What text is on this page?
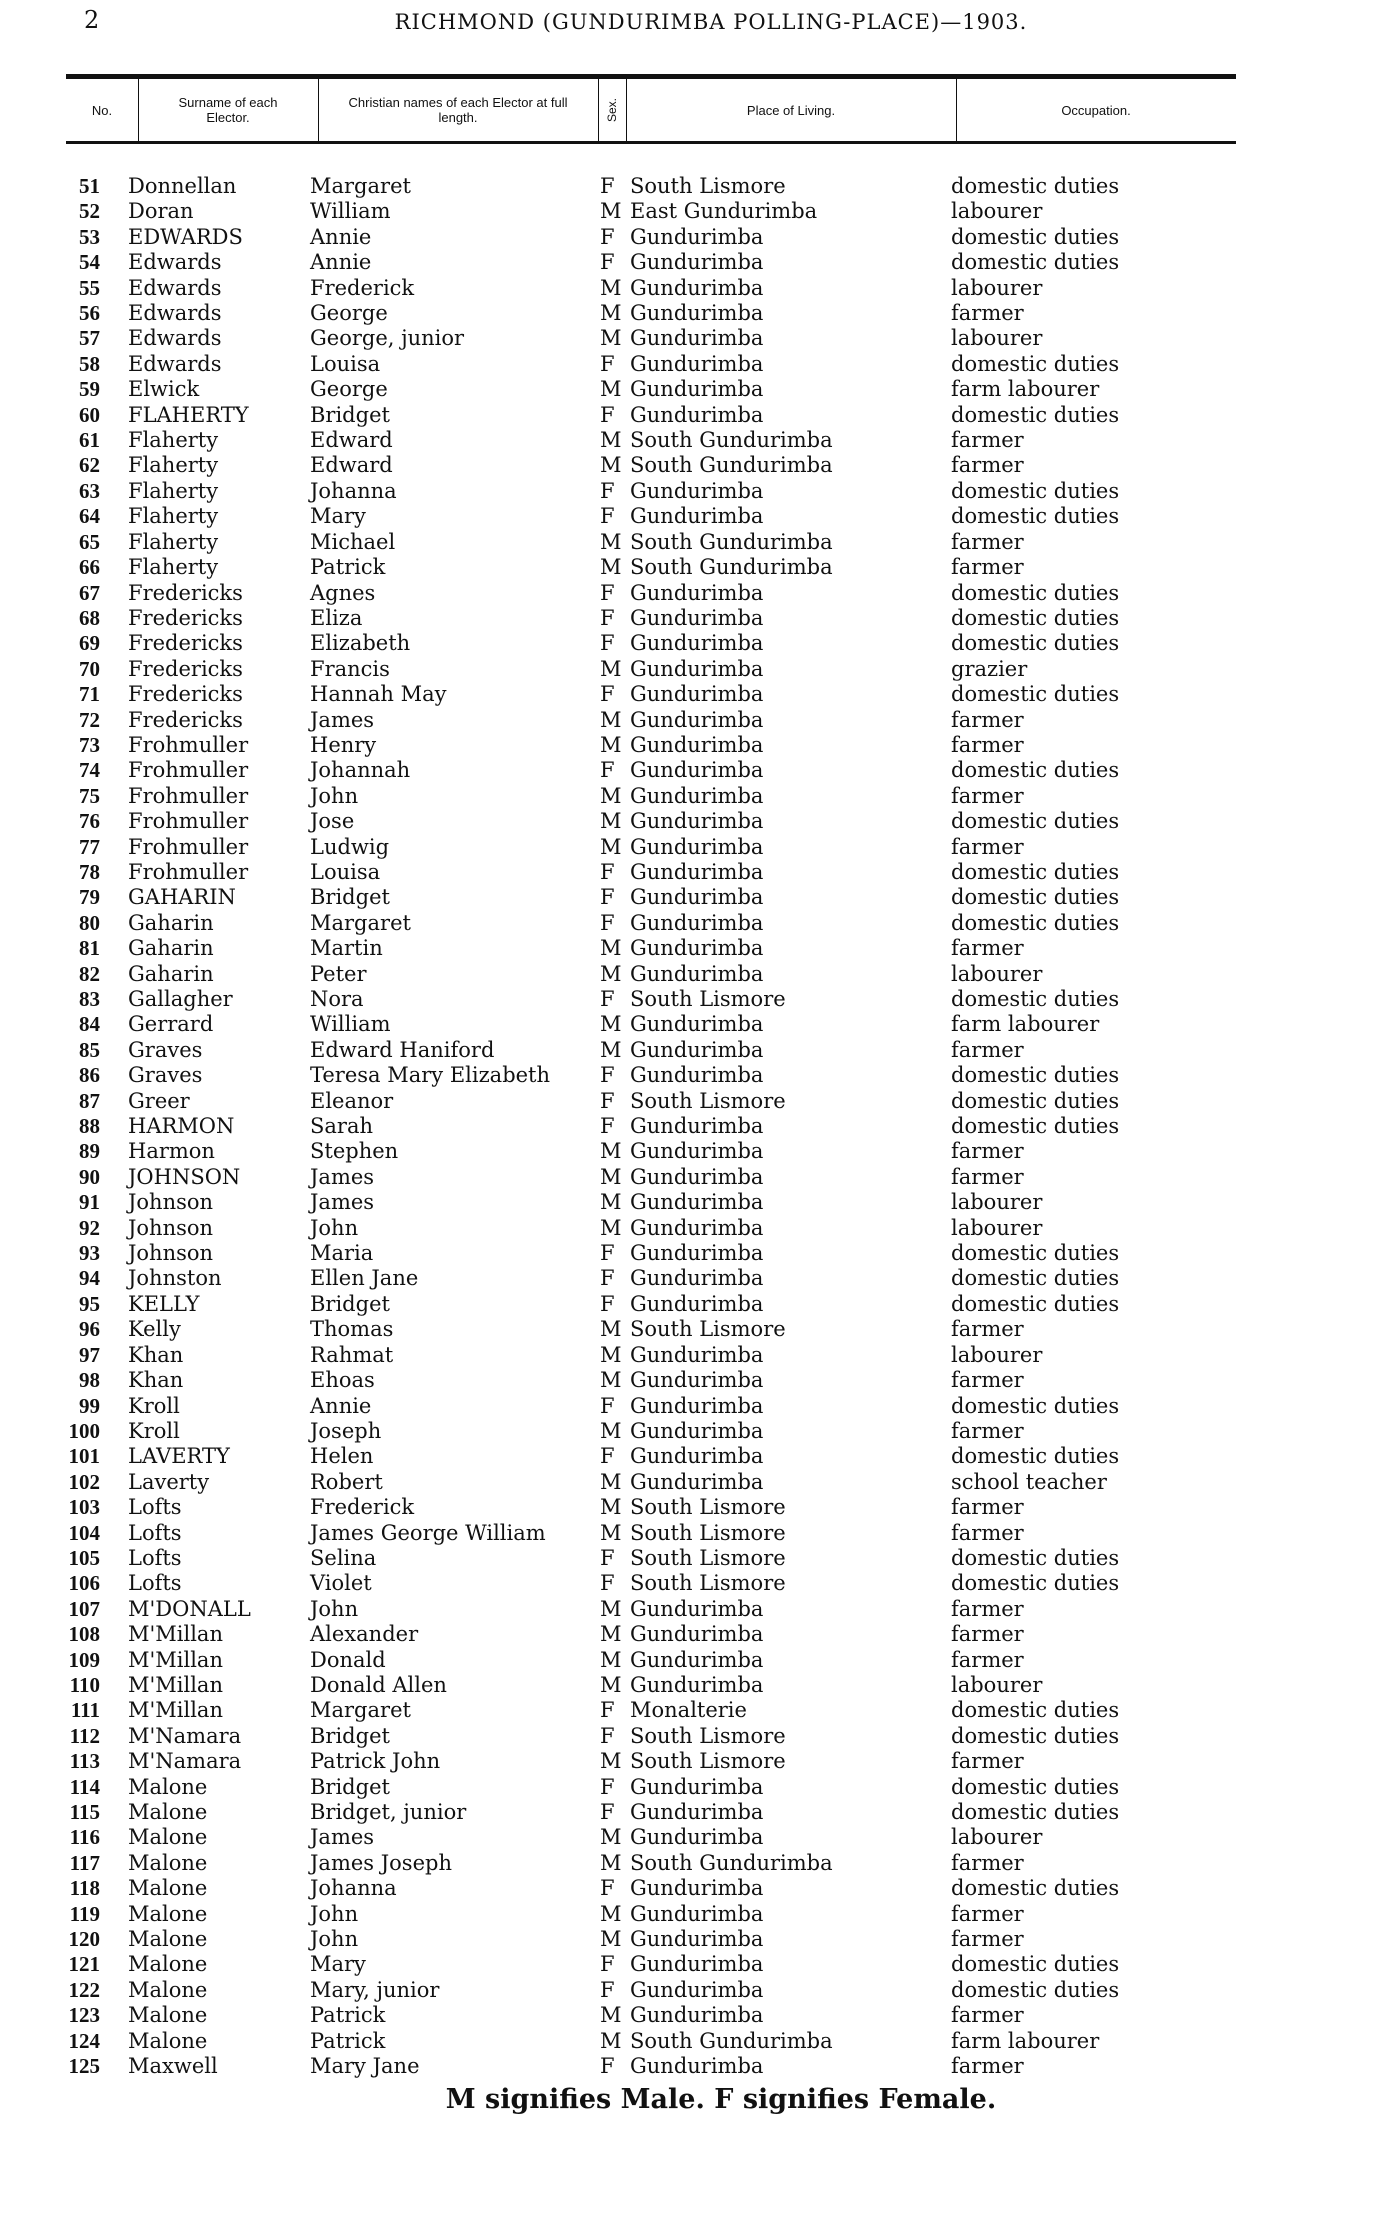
2	RICHMOND (GUNDURIMBA POLLING-PLACE)—1903.
No.	Surname of each Elector.
Christian names of each Elector at full length.	Sex.	Place of Living.	Occupation.
51 Donnellan	Margaret	F South Lismore	domestic duties
52 Doran	William	M East Gundurimba	labourer
53 EDWARDS	Annie	F Gundurimba	domestic duties
54 Edwards	Annie	F Gundurimba	domestic duties
55 Edwards	Frederick	M Gundurimba	labourer
56 Edwards	George	M Gundurimba	farmer
57 Edwards	George, junior	M Gundurimba	labourer
58 Edwards	Louisa	F Gundurimba	domestic duties
59 Elwick	George	M Gundurimba	farm labourer
60 FLAHERTY	Bridget	F Gundurimba	domestic duties
61 Flaherty	Edward	M South Gundurimba	farmer
62 Flaherty	Edward	M South Gundurimba	farmer
63 Flaherty	Johanna	F Gundurimba	domestic duties
64 Flaherty	Mary	F Gundurimba	domestic duties
65 Flaherty	Michael	M South Gundurimba	farmer
66 Flaherty	Patrick	M South Gundurimba	farmer
67 Fredericks	Agnes	F Gundurimba	domestic duties
68 Fredericks	Eliza	F Gundurimba	domestic duties
69 Fredericks	Elizabeth	F Gundurimba	domestic duties
70 Fredericks	Francis	M Gundurimba	grazier
71 Fredericks	Hannah May	F Gundurimba	domestic duties
72 Fredericks	James	M Gundurimba	farmer
73 Frohmuller	Henry	M Gundurimba	farmer
74 Frohmuller	Johannah	F Gundurimba	domestic duties
75 Frohmuller	John	M Gundurimba	farmer
76 Frohmuller	Jose	M Gundurimba	domestic duties
77 Frohmuller	Ludwig	M Gundurimba	farmer
78 Frohmuller	Louisa	F Gundurimba	domestic duties
79 GAHARIN	Bridget	F Gundurimba	domestic duties
80 Gaharin	Margaret	F Gundurimba	domestic duties
81 Gaharin	Martin	M Gundurimba	farmer
82 Gaharin	Peter	M Gundurimba	labourer
83 Gallagher	Nora	F South Lismore	domestic duties
84 Gerrard	William	M Gundurimba	farm labourer
85 Graves	Edward Haniford	M Gundurimba	farmer
86 Graves	Teresa Mary Elizabeth F Gundurimba	domestic duties
87 Greer	Eleanor	F South Lismore	domestic duties
88 HARMON	Sarah	F Gundurimba	domestic duties
89 Harmon	Stephen	M Gundurimba	farmer
90 JOHNSON	James	M Gundurimba	farmer
91 Johnson	James	M Gundurimba	labourer
92 Johnson	John	M Gundurimba	labourer
93 Johnson	Maria	F Gundurimba	domestic duties
94 Johnston	Ellen Jane	F Gundurimba	domestic duties
95 KELLY	Bridget	F Gundurimba	domestic duties
96 Kelly	Thomas	M South Lismore	farmer
97 Khan	Rahmat	M Gundurimba	labourer
98 Khan	Ehoas	M Gundurimba	farmer
99 Kroll	Annie	F Gundurimba	domestic duties
100 Kroll	Joseph	M Gundurimba	farmer
101 LAVERTY	Helen	F Gundurimba	domestic duties
102 Laverty	Robert	M Gundurimba	school teacher
103 Lofts	Frederick	M South Lismore	farmer
104 Lofts	James George William	M South Lismore	farmer
105 Lofts	Selina	F South Lismore	domestic duties
106 Lofts	Violet	F South Lismore	domestic duties
107 M'DONALL	John	M Gundurimba	farmer
108 M'Millan	Alexander	M Gundurimba	farmer
109 M'Millan	Donald	M Gundurimba	farmer
110 M'Millan	Donald Allen	M Gundurimba	labourer
111 M'Millan	Margaret	F Monalterie	domestic duties
112 M'Namara	Bridget	F South Lismore	domestic duties
113 M'Namara	Patrick John	M South Lismore	farmer
114 Malone	Bridget	F Gundurimba	domestic duties
115 Malone	Bridget, junior	F Gundurimba	domestic duties
116 Malone	James	M Gundurimba	labourer
117 Malone	James Joseph	M South Gundurimba	farmer
118 Malone	Johanna	F Gundurimba	domestic duties
119 Malone	John	M Gundurimba	farmer
120 Malone	John	M Gundurimba	farmer
121 Malone	Mary	F Gundurimba	domestic duties
122 Malone	Mary, junior	F Gundurimba	domestic duties
123 Malone	Patrick	M Gundurimba	farmer
124 Malone	Patrick	M South Gundurimba	farm labourer
125 Maxwell	Mary Jane	F Gundurimba	farmer
M signifies Male. F signifies Female.
